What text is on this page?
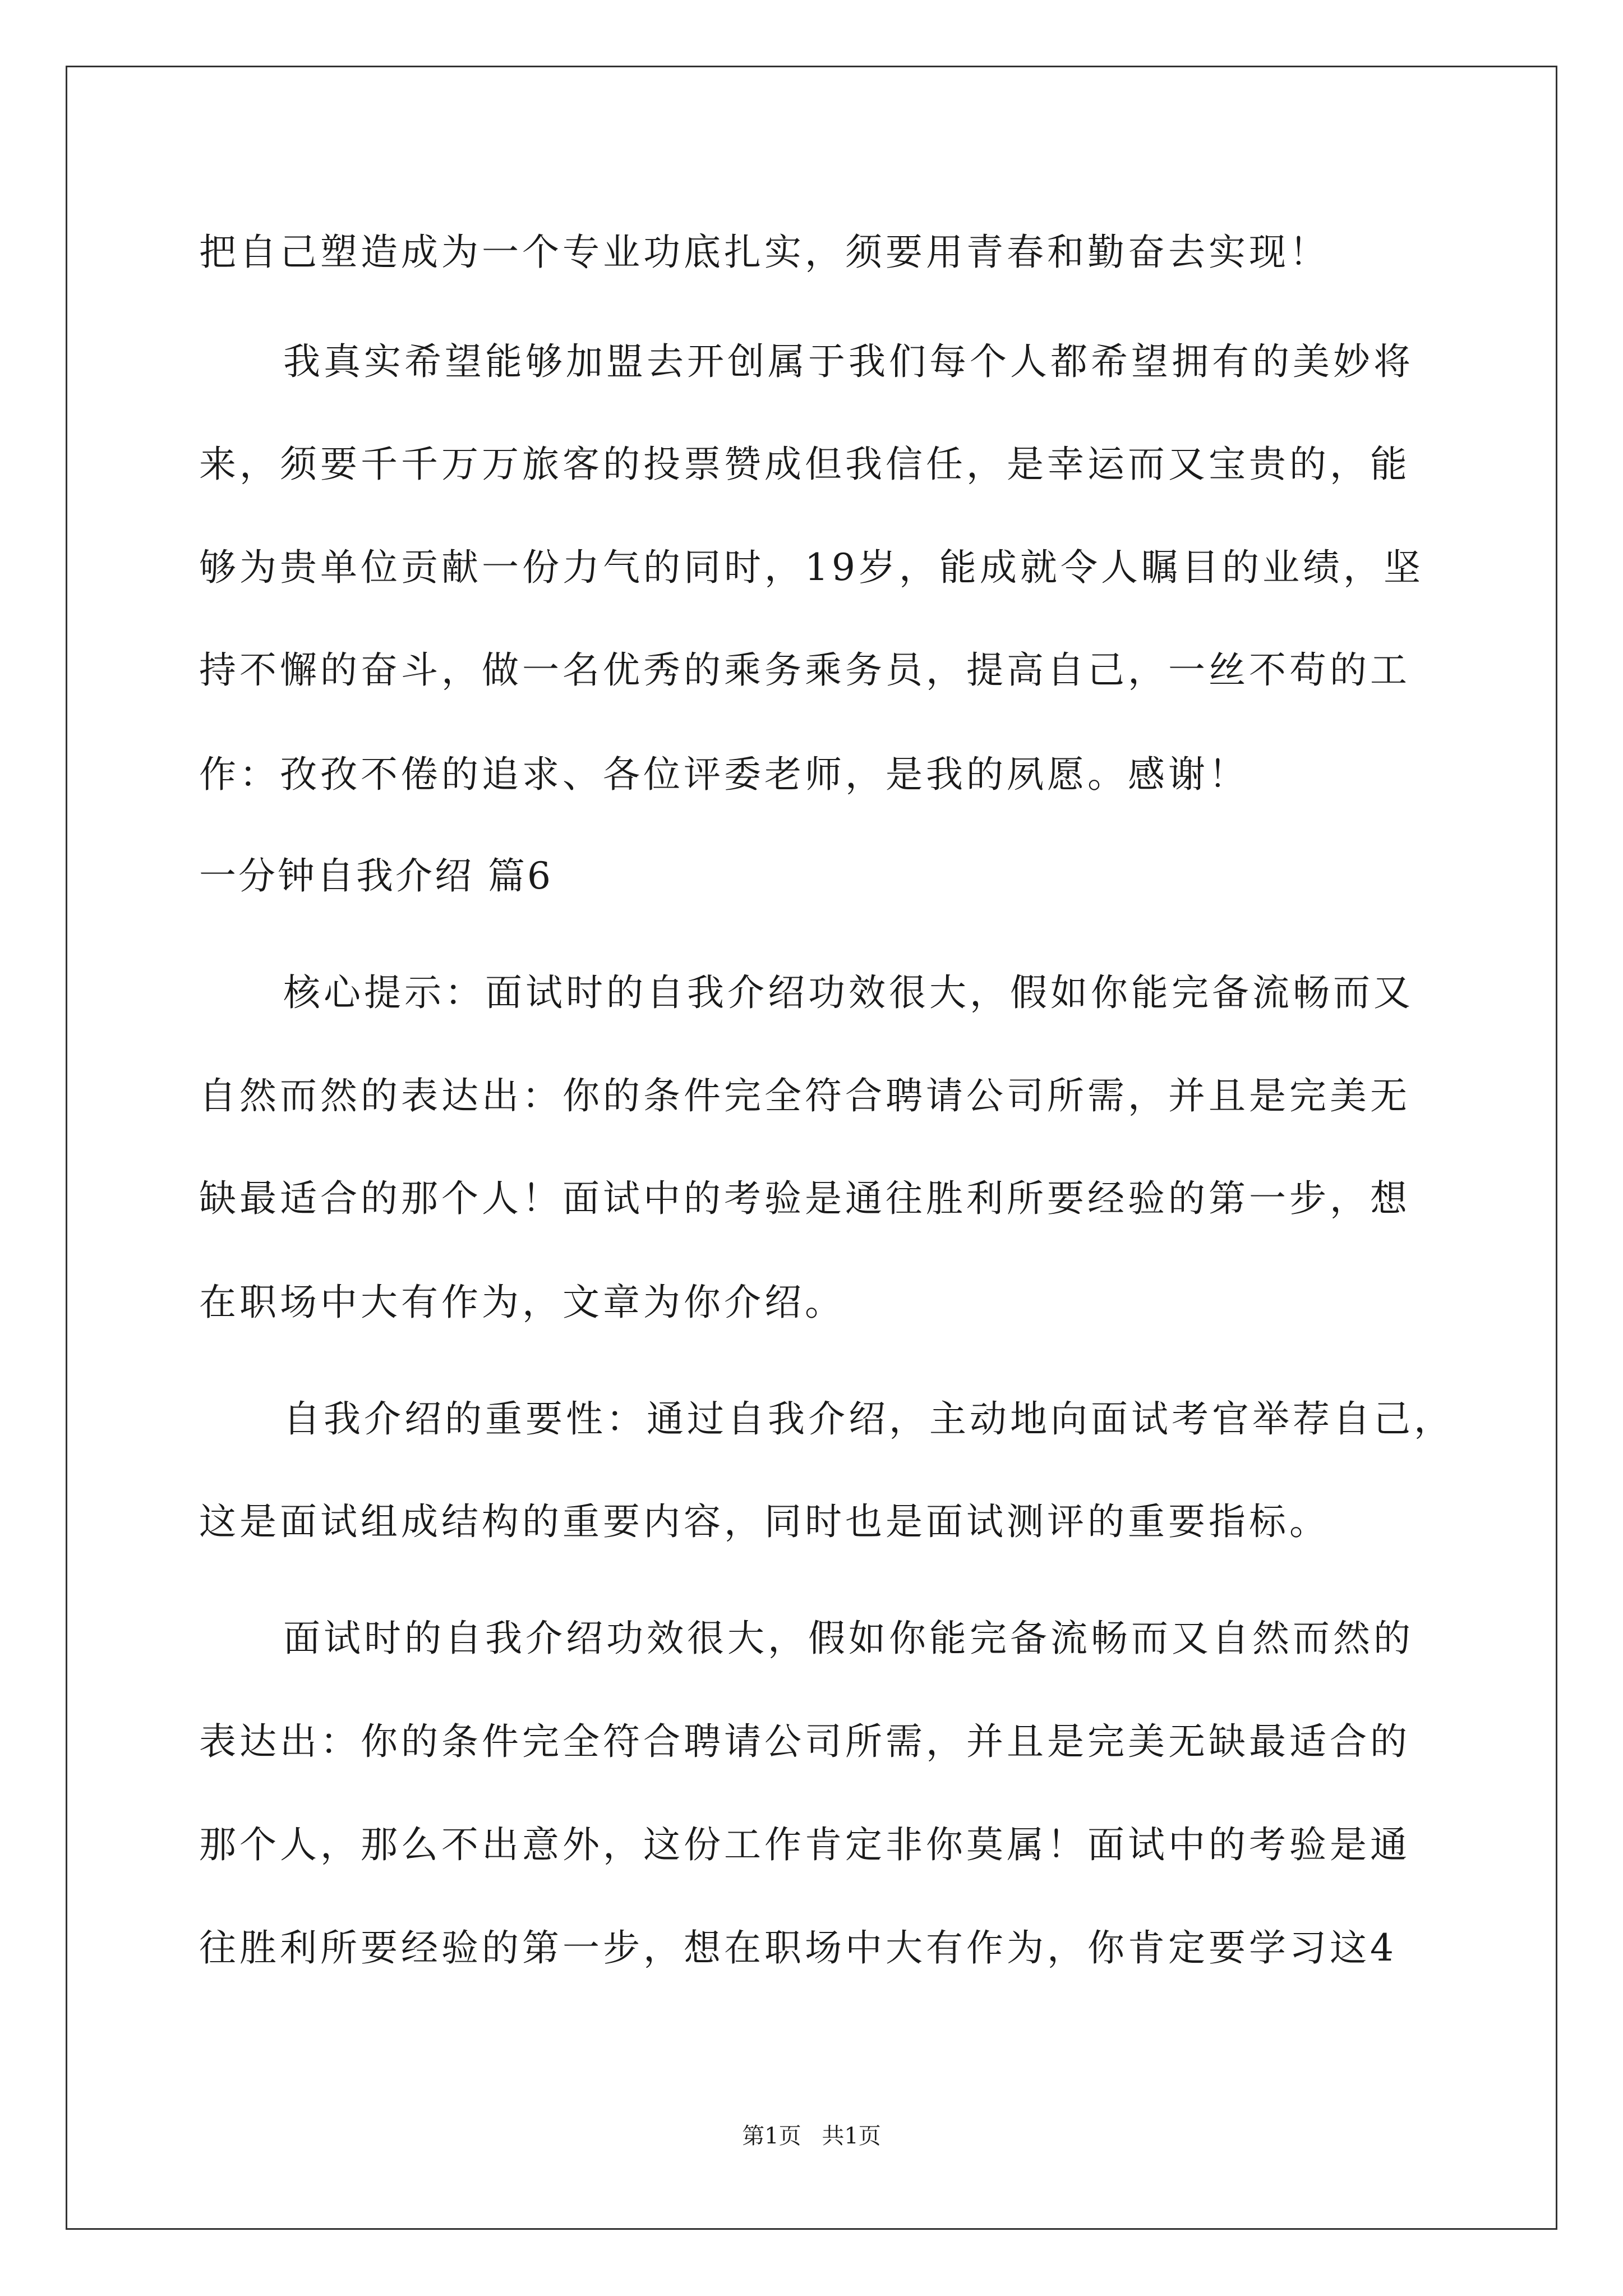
把自己塑造成为一个专业功底扎实，须要用青春和勤奋去实现！
我真实希望能够加盟去开创属于我们每个人都希望拥有的美妙将
来，须要千千万万旅客的投票赞成但我信任，是幸运而又宝贵的，能
够为贵单位贡献一份力气的同时，19岁，能成就令人瞩目的业绩，坚
持不懈的奋斗，做一名优秀的乘务乘务员，提高自己，一丝不苟的工
作：孜孜不倦的追求、各位评委老师，是我的夙愿。感谢！
一分钟自我介绍 篇6
核心提示：面试时的自我介绍功效很大，假如你能完备流畅而又
自然而然的表达出：你的条件完全符合聘请公司所需，并且是完美无
缺最适合的那个人！面试中的考验是通往胜利所要经验的第一步，想
在职场中大有作为，文章为你介绍。
自我介绍的重要性：通过自我介绍，主动地向面试考官举荐自己，
这是面试组成结构的重要内容，同时也是面试测评的重要指标。
面试时的自我介绍功效很大，假如你能完备流畅而又自然而然的
表达出：你的条件完全符合聘请公司所需，并且是完美无缺最适合的
那个人，那么不出意外，这份工作肯定非你莫属！面试中的考验是通
往胜利所要经验的第一步，想在职场中大有作为，你肯定要学习这4
第1页 共1页
